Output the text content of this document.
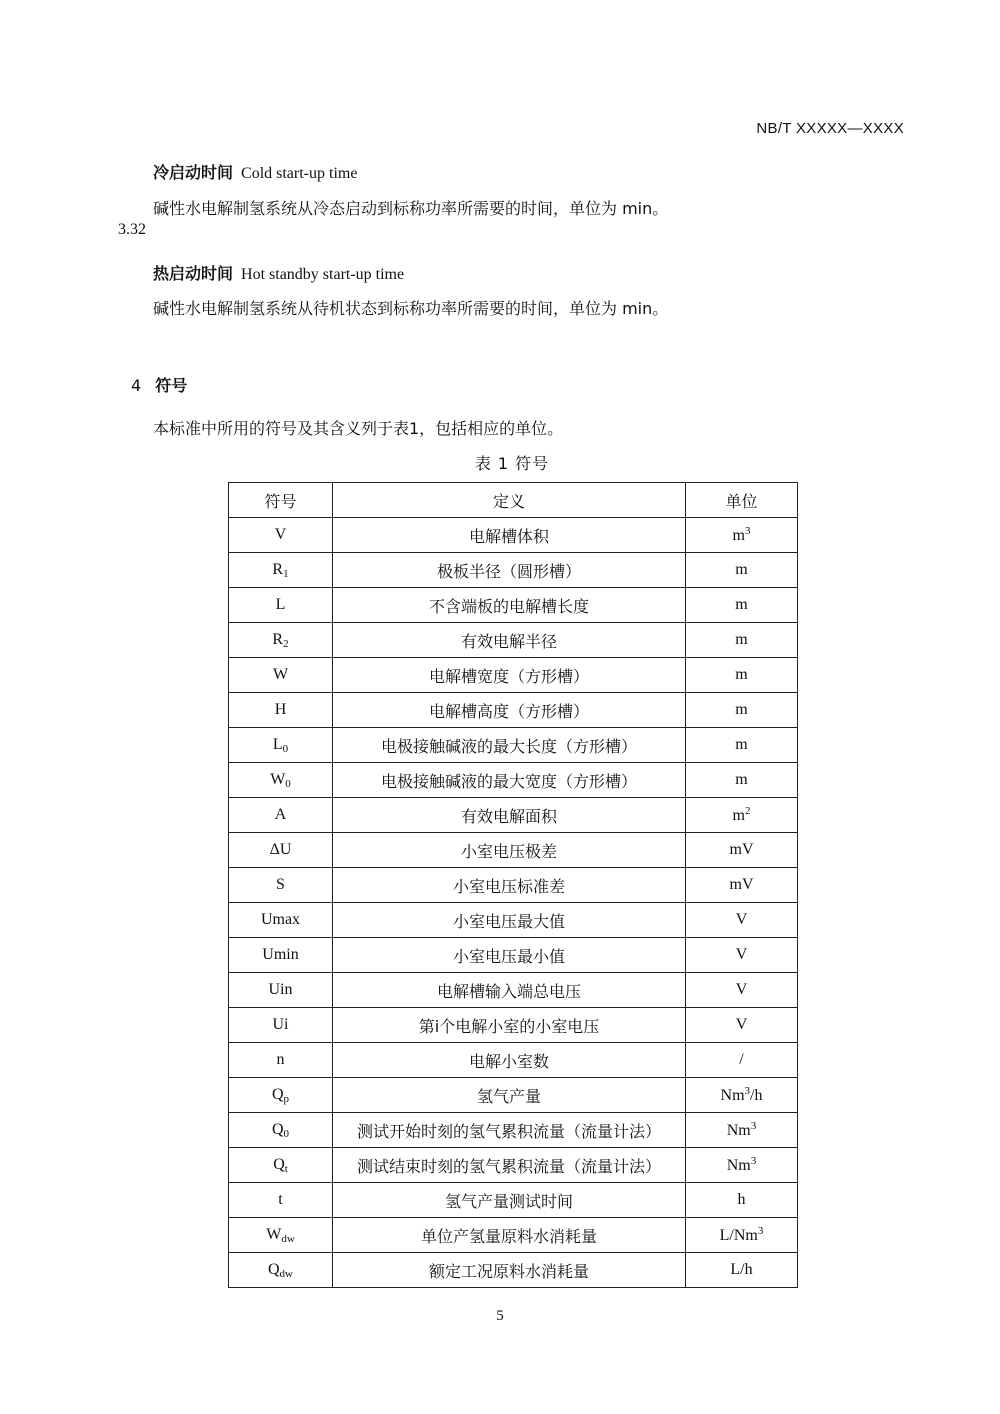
NB/T XXXXX—XXXX
冷启动时间 Cold start-up time
碱性水电解制氢系统从冷态启动到标称功率所需要的时间，单位为 min。
3.32
热启动时间 Hot standby start-up time
碱性水电解制氢系统从待机状态到标称功率所需要的时间，单位为 min。
4 符号
本标准中所用的符号及其含义列于表1，包括相应的单位。
表 1 符号
符号	定义	单位
V	电解槽体积	$m^3$
$R_1$	极板半径（圆形槽）	m
L	不含端板的电解槽长度	m
$R_2$	有效电解半径	m
W	电解槽宽度（方形槽）	m
H	电解槽高度（方形槽）	m
$L_0$	电极接触碱液的最大长度（方形槽）	m
$W_0$	电极接触碱液的最大宽度（方形槽）	m
A	有效电解面积	$m^2$
ΔU	小室电压极差	mV
S	小室电压标准差	mV
Umax	小室电压最大值	V
Umin	小室电压最小值	V
Uin	电解槽输入端总电压	V
Ui	第i个电解小室的小室电压	V
n	电解小室数	/
$Q_p$	氢气产量	Nm$^3$/h
$Q_0$	测试开始时刻的氢气累积流量（流量计法）	Nm$^3$
$Q_t$	测试结束时刻的氢气累积流量（流量计法）	Nm$^3$
t	氢气产量测试时间	h
$W_{dw}$	单位产氢量原料水消耗量	L/Nm$^3$
$Q_{dw}$	额定工况原料水消耗量	L/h
5
